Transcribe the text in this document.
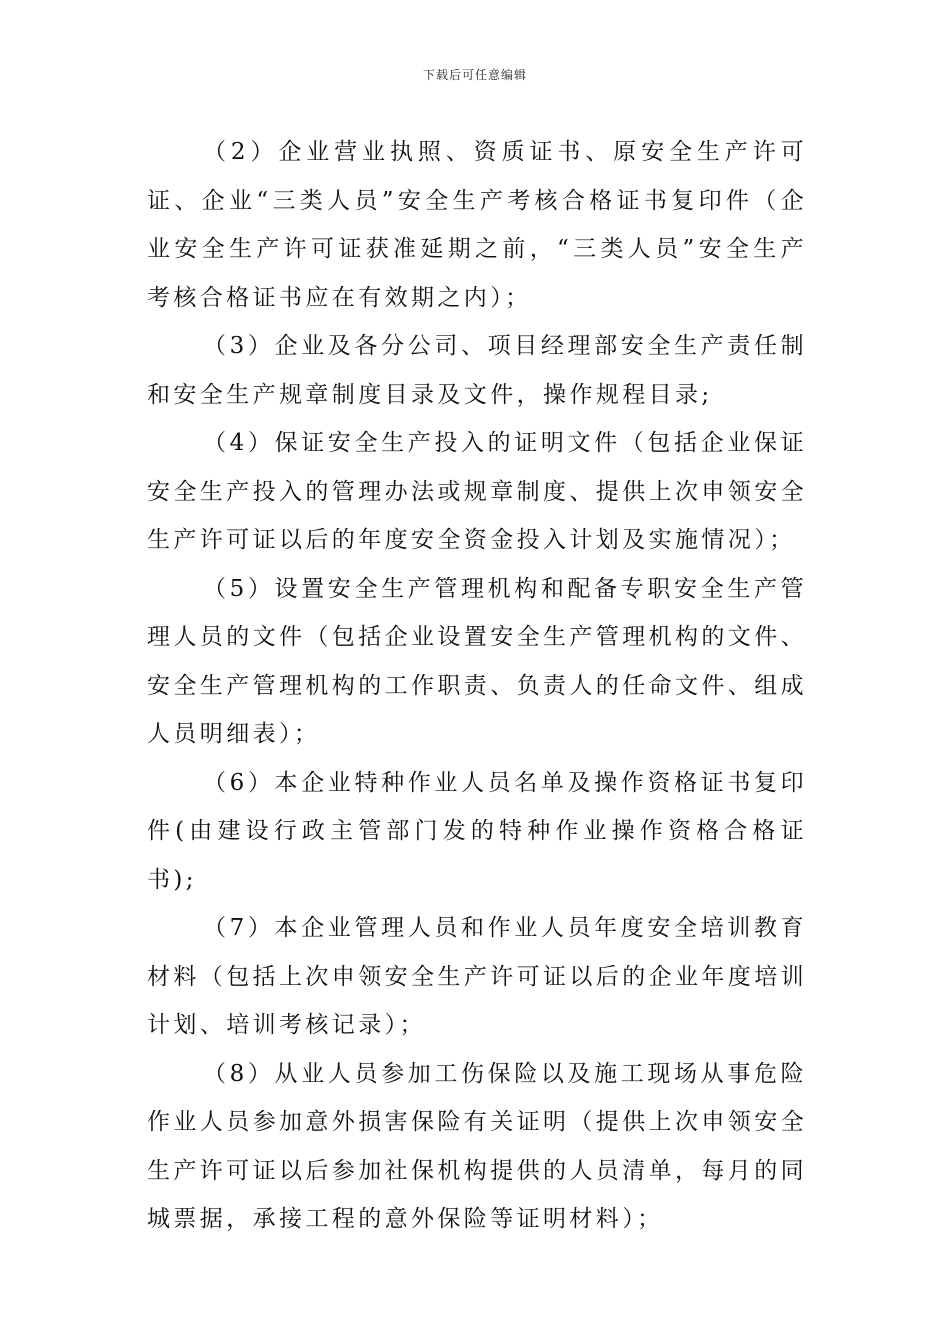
下载后可任意编辑

（2）企业营业执照、资质证书、原安全生产许可证、企业“三类人员”安全生产考核合格证书复印件（企业安全生产许可证获准延期之前，“三类人员”安全生产考核合格证书应在有效期之内）；

（3）企业及各分公司、项目经理部安全生产责任制和安全生产规章制度目录及文件，操作规程目录;

（4）保证安全生产投入的证明文件（包括企业保证安全生产投入的管理办法或规章制度、提供上次申领安全生产许可证以后的年度安全资金投入计划及实施情况）；

（5）设置安全生产管理机构和配备专职安全生产管理人员的文件（包括企业设置安全生产管理机构的文件、安全生产管理机构的工作职责、负责人的任命文件、组成人员明细表）；

（6）本企业特种作业人员名单及操作资格证书复印件(由建设行政主管部门发的特种作业操作资格合格证书);

（7）本企业管理人员和作业人员年度安全培训教育材料（包括上次申领安全生产许可证以后的企业年度培训计划、培训考核记录）；

（8）从业人员参加工伤保险以及施工现场从事危险作业人员参加意外损害保险有关证明（提供上次申领安全生产许可证以后参加社保机构提供的人员清单，每月的同城票据，承接工程的意外保险等证明材料）；
